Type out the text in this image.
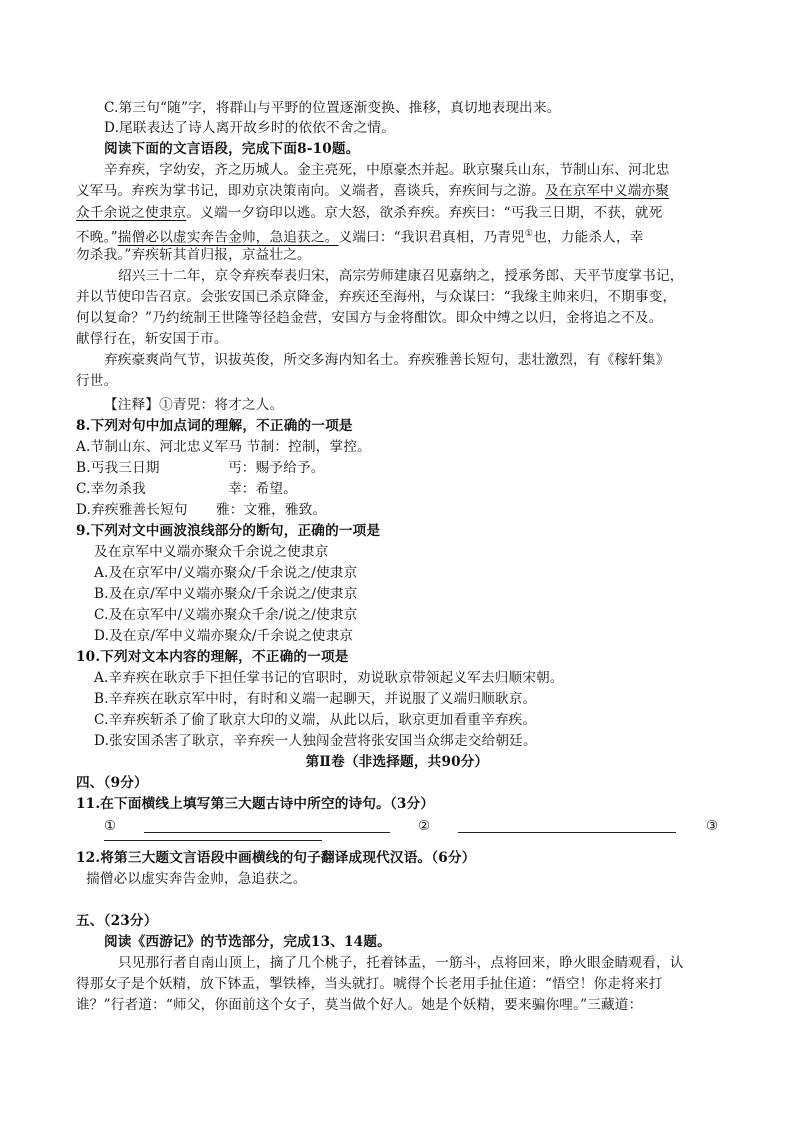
C.第三句“随”字，将群山与平野的位置逐渐变换、推移，真切地表现出来。
D.尾联表达了诗人离开故乡时的依依不舍之情。
阅读下面的文言语段，完成下面8-10题。
辛弃疾，字幼安，齐之历城人。金主亮死，中原豪杰并起。耿京聚兵山东，节制山东、河北忠
义军马。弃疾为掌书记，即劝京决策南向。义端者，喜谈兵，弃疾间与之游。及在京军中义端亦聚
众千余说之使隶京。义端一夕窃印以逃。京大怒，欲杀弃疾。弃疾曰：“丐我三日期，不获，就死
不晚。”揣僧必以虚实奔告金帅，急追获之。义端曰：“我识君真相，乃青兕①也，力能杀人，幸
勿杀我。”弃疾斩其首归报，京益壮之。
绍兴三十二年，京令弃疾奉表归宋，高宗劳师建康召见嘉纳之，授承务郎、天平节度掌书记，
并以节使印告召京。会张安国已杀京降金，弃疾还至海州，与众谋曰：“我缘主帅来归，不期事变，
何以复命？”乃约统制王世隆等径趋金营，安国方与金将酣饮。即众中缚之以归，金将追之不及。
献俘行在，斩安国于市。
弃疾豪爽尚气节，识拔英俊，所交多海内知名士。弃疾雅善长短句，悲壮激烈，有《稼轩集》
行世。
【注释】①青兕：将才之人。
8.下列对句中加点词的理解，不正确的一项是
A.节制山东、河北忠义军马 节制：控制，掌控。
B.丐我三日期	丐：赐予给予。
C.幸勿杀我	幸：希望。
D.弃疾雅善长短句 雅：文雅，雅致。
9.下列对文中画波浪线部分的断句，正确的一项是
及在京军中义端亦聚众千余说之使隶京
A.及在京军中/义端亦聚众/千余说之/使隶京
B.及在京/军中义端亦聚众/千余说之/使隶京
C.及在京军中/义端亦聚众千余/说之/使隶京
D.及在京/军中义端亦聚众/千余说之使隶京
10.下列对文本内容的理解，不正确的一项是
A.辛弃疾在耿京手下担任掌书记的官职时，劝说耿京带领起义军去归顺宋朝。
B.辛弃疾在耿京军中时，有时和义端一起聊天，并说服了义端归顺耿京。
C.辛弃疾斩杀了偷了耿京大印的义端，从此以后，耿京更加看重辛弃疾。
D.张安国杀害了耿京，辛弃疾一人独闯金营将张安国当众绑走交给朝廷。
第Ⅱ卷（非选择题，共90分）
四、（9分）
11.在下面横线上填写第三大题古诗中所空的诗句。（3分）
①	②	③
12.将第三大题文言语段中画横线的句子翻译成现代汉语。（6分）
揣僧必以虚实奔告金帅，急追获之。
五、（23分）
阅读《西游记》的节选部分，完成13、14题。
只见那行者自南山顶上，摘了几个桃子，托着钵盂，一筋斗，点将回来，睁火眼金睛观看，认
得那女子是个妖精，放下钵盂，掣铁棒，当头就打。唬得个长老用手扯住道：“悟空！你走将来打
谁？”行者道：“师父，你面前这个女子，莫当做个好人。她是个妖精，要来骗你哩。”三藏道：
